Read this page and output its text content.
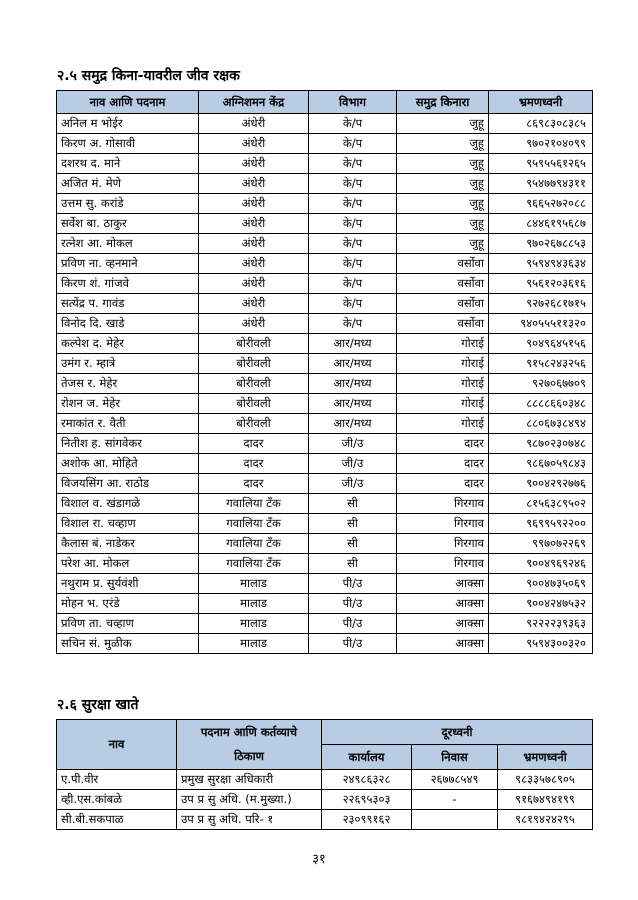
२.५ समुद्र किना-यावरील जीव रक्षक
नाव आणि पदनाम	अग्निशमन केंद्र	विभाग	समुद्र किनारा	भ्रमणध्वनी
अनिल म भोईर	अंधेरी	के/प	जुहू	८६९८३०८३८५
किरण अ. गोसावी	अंधेरी	के/प	जुहू	९७०२१०४०९९
दशरथ द. माने	अंधेरी	के/प	जुहू	९५९५५६१२६५
अजित मं. मेणे	अंधेरी	के/प	जुहू	९५४७७९४३११
उत्तम सु. करांडे	अंधेरी	के/प	जुहू	९६६५२७२०८८
सर्वेश बा. ठाकुर	अंधेरी	के/प	जुहू	८४४६१९५६८७
रत्नेश आ. मोकल	अंधेरी	के/प	जुहू	९७०२६७८८५३
प्रविण ना. व्हनमाने	अंधेरी	के/प	वर्सोवा	९५९४९४३६३४
किरण शं. गांजवे	अंधेरी	के/प	वर्सोवा	९५६१२०३६१६
सत्येंद्र प. गावंड	अंधेरी	के/प	वर्सोवा	९२७२६८१७१५
विनोद दि. खाडे	अंधेरी	के/प	वर्सोवा	९४०५५५११३२०
कल्पेश द. मेहेर	बोरीवली	आर/मध्य	गोराई	९०४९६४५१५६
उमंग र. म्हात्रे	बोरीवली	आर/मध्य	गोराई	९१५८२४३२५६
तेजस र. मेहेर	बोरीवली	आर/मध्य	गोराई	९२७०६७७०९
रोशन ज. मेहेर	बोरीवली	आर/मध्य	गोराई	८८८८६६०३४८
रमाकांत र. वैती	बोरीवली	आर/मध्य	गोराई	८८०६७३८४९४
नितीश ह. सांगवेकर	दादर	जी/उ	दादर	९८७०२३०७४८
अशोक आ. मोहिते	दादर	जी/उ	दादर	९८६७०५९८४३
विजयसिंग आ. राठोड	दादर	जी/उ	दादर	९००४२९२७७६
विशाल व. खंडागळे	गवालिया टँक	सी	गिरगाव	८१५६३८९५०२
विशाल रा. चव्हाण	गवालिया टँक	सी	गिरगाव	९६९९५९२२००
कैलास बं. नाडेकर	गवालिया टँक	सी	गिरगाव	९९७०७२२६९
परेश आ. मोकल	गवालिया टँक	सी	गिरगाव	९००४९६९२४६
नथुराम प्र. सुर्यवंशी	मालाड	पी/उ	आक्सा	९००४७३५०६९
मोहन भ. एरंडे	मालाड	पी/उ	आक्सा	९००४२४७५३२
प्रविण ता. चव्हाण	मालाड	पी/उ	आक्सा	९२२२२३९३६३
सचिन सं. मुळीक	मालाड	पी/उ	आक्सा	९५९४३००३२०
२.६ सुरक्षा खाते
नाव	पदनाम आणि कर्तव्याचे	दूरध्वनी		
	ठिकाण	कार्यालय	निवास	भ्रमणध्वनी
ए.पी.वीर	प्रमुख सुरक्षा अधिकारी	२४९८६३२८	२६७७८५४९	९८३३५७८९०५
व्ही.एस.कांबळे	उप प्र सु अधि. (म.मुख्या.)	२२६९५३०३	-	९१६७४९४१९९
सी.बी.सकपाळ	उप प्र सु अधि. परि- १	२३०९९१६२		९८१९४२४२९५
३१
